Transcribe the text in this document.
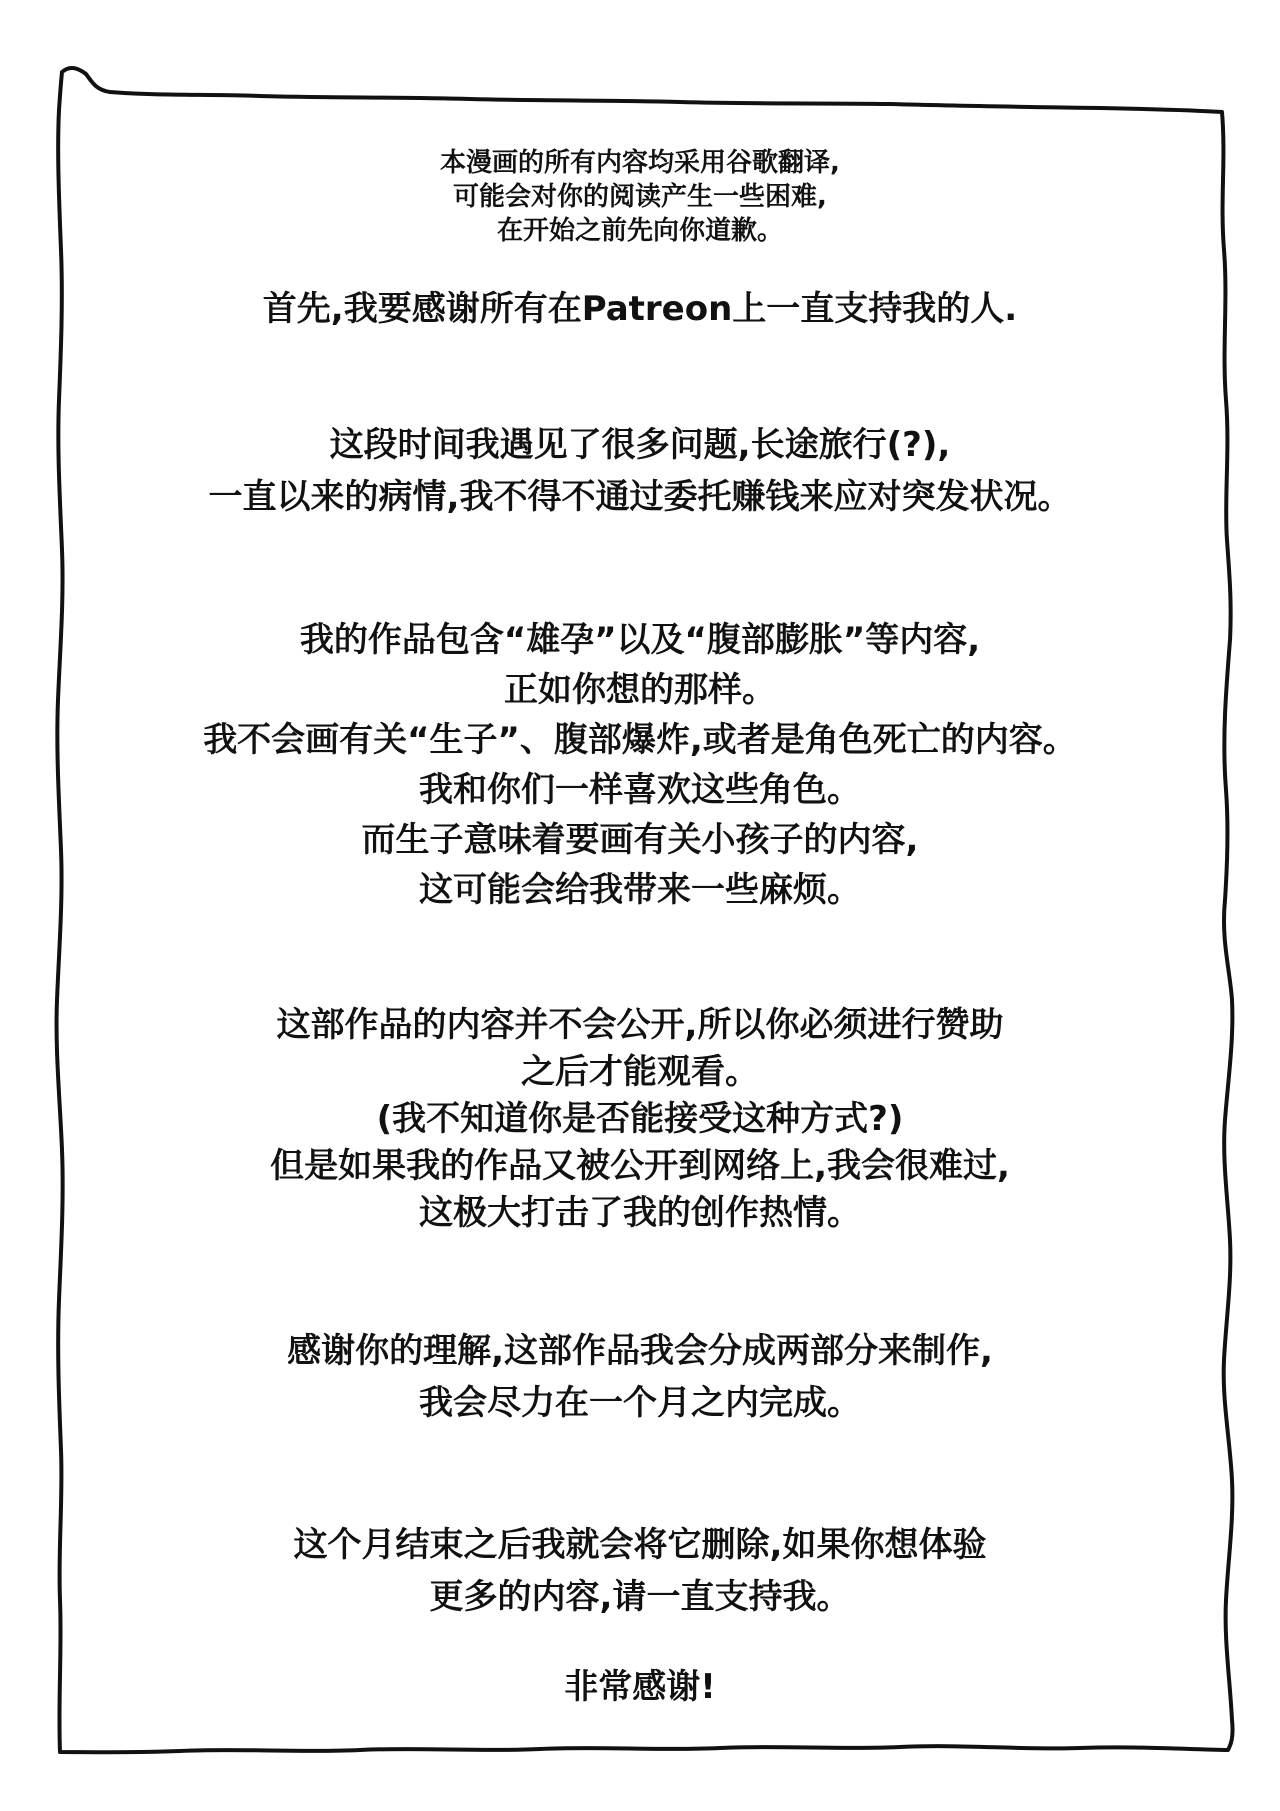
本漫画的所有内容均采用谷歌翻译,
可能会对你的阅读产生一些困难,
在开始之前先向你道歉。
首先,我要感谢所有在Patreon上一直支持我的人.
这段时间我遇见了很多问题,长途旅行(?),
一直以来的病情,我不得不通过委托赚钱来应对突发状况。
我的作品包含“雄孕”以及“腹部膨胀”等内容,
正如你想的那样。
我不会画有关“生子”、腹部爆炸,或者是角色死亡的内容。
我和你们一样喜欢这些角色。
而生子意味着要画有关小孩子的内容,
这可能会给我带来一些麻烦。
这部作品的内容并不会公开,所以你必须进行赞助
之后才能观看。
(我不知道你是否能接受这种方式?)
但是如果我的作品又被公开到网络上,我会很难过,
这极大打击了我的创作热情。
感谢你的理解,这部作品我会分成两部分来制作,
我会尽力在一个月之内完成。
这个月结束之后我就会将它删除,如果你想体验
更多的内容,请一直支持我。
非常感谢!
